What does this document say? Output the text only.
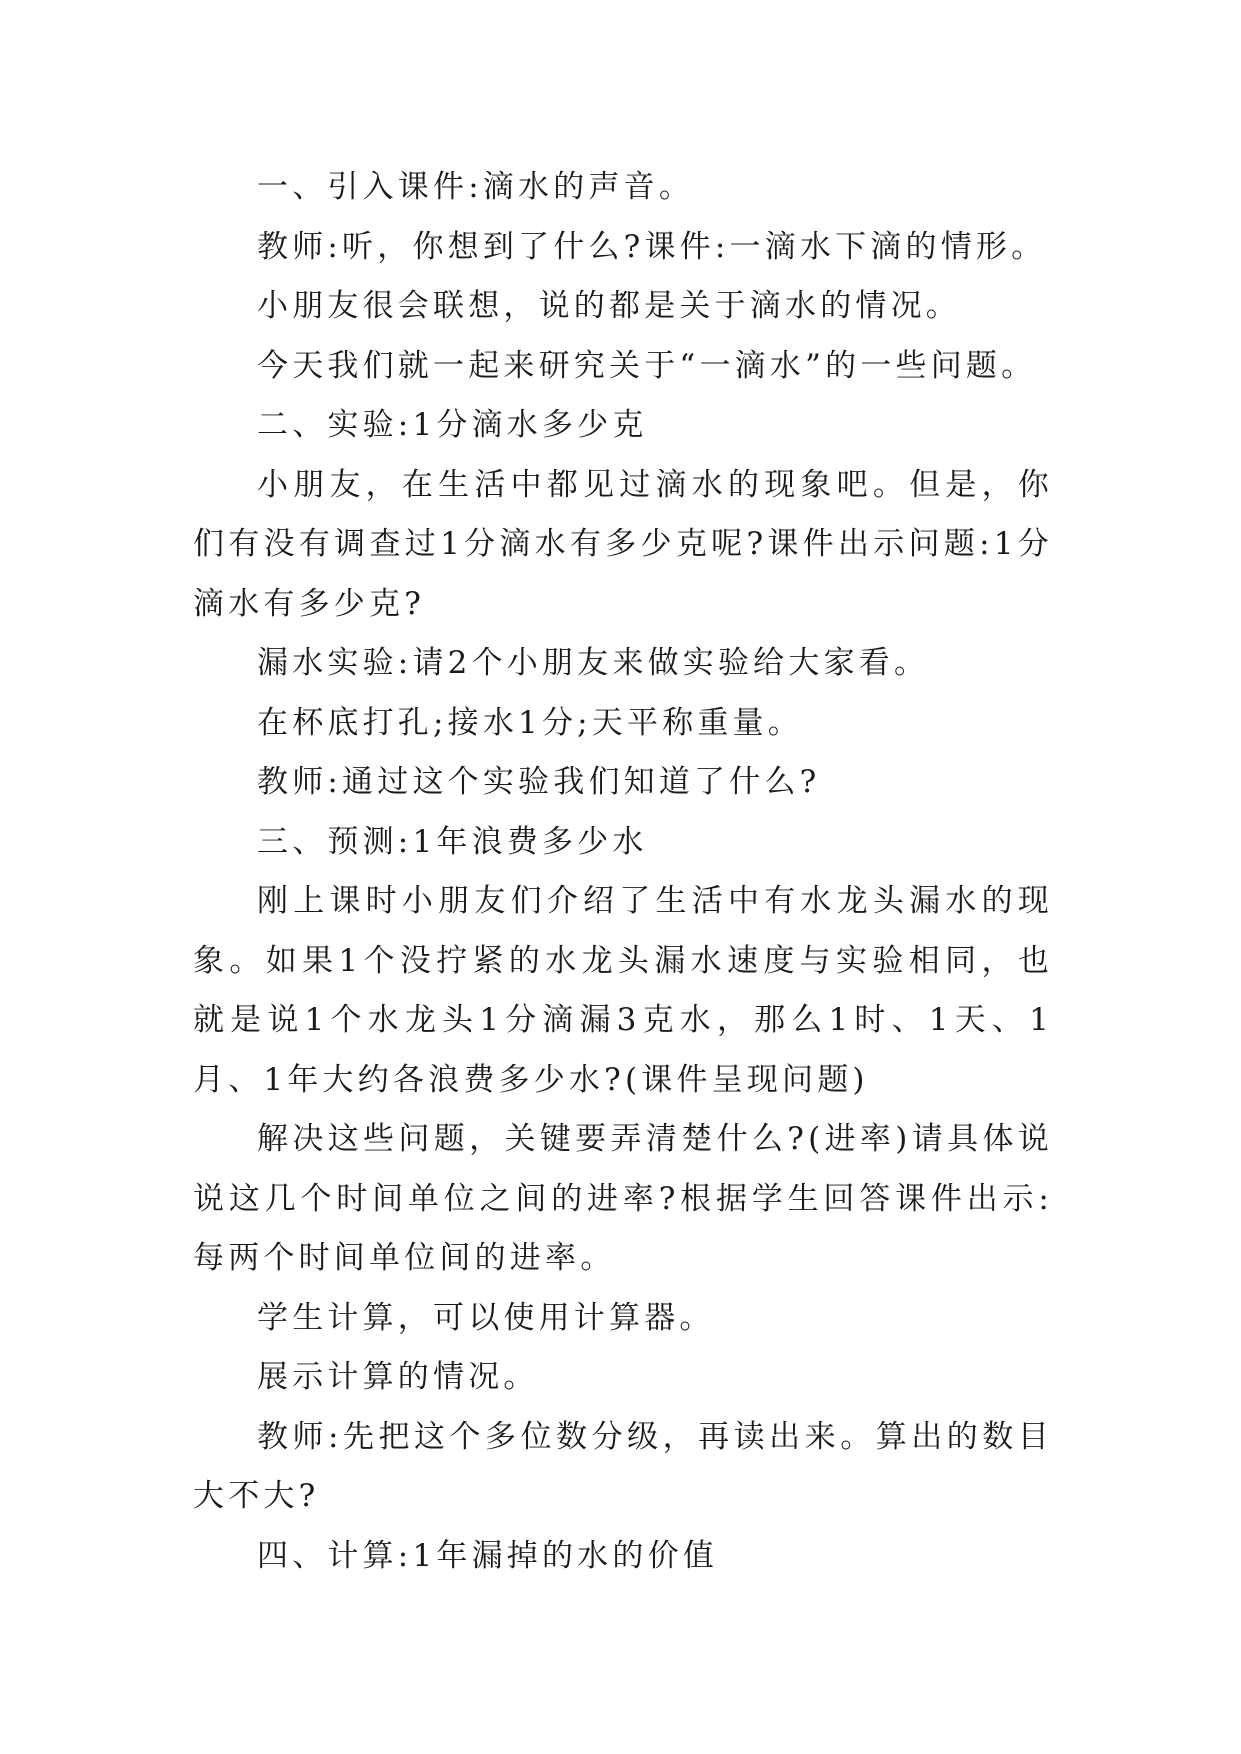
一、引入课件:滴水的声音。

教师:听，你想到了什么?课件:一滴水下滴的情形。

小朋友很会联想，说的都是关于滴水的情况。

今天我们就一起来研究关于“一滴水”的一些问题。

二、实验:1分滴水多少克

小朋友，在生活中都见过滴水的现象吧。但是，你们有没有调查过1分滴水有多少克呢?课件出示问题:1分滴水有多少克?

漏水实验:请2个小朋友来做实验给大家看。

在杯底打孔;接水1分;天平称重量。

教师:通过这个实验我们知道了什么?

三、预测:1年浪费多少水

刚上课时小朋友们介绍了生活中有水龙头漏水的现象。如果1个没拧紧的水龙头漏水速度与实验相同，也就是说1个水龙头1分滴漏3克水，那么1时、1天、1月、1年大约各浪费多少水?(课件呈现问题)

解决这些问题，关键要弄清楚什么?(进率)请具体说说这几个时间单位之间的进率?根据学生回答课件出示:每两个时间单位间的进率。

学生计算，可以使用计算器。

展示计算的情况。

教师:先把这个多位数分级，再读出来。算出的数目大不大?

四、计算:1年漏掉的水的价值
